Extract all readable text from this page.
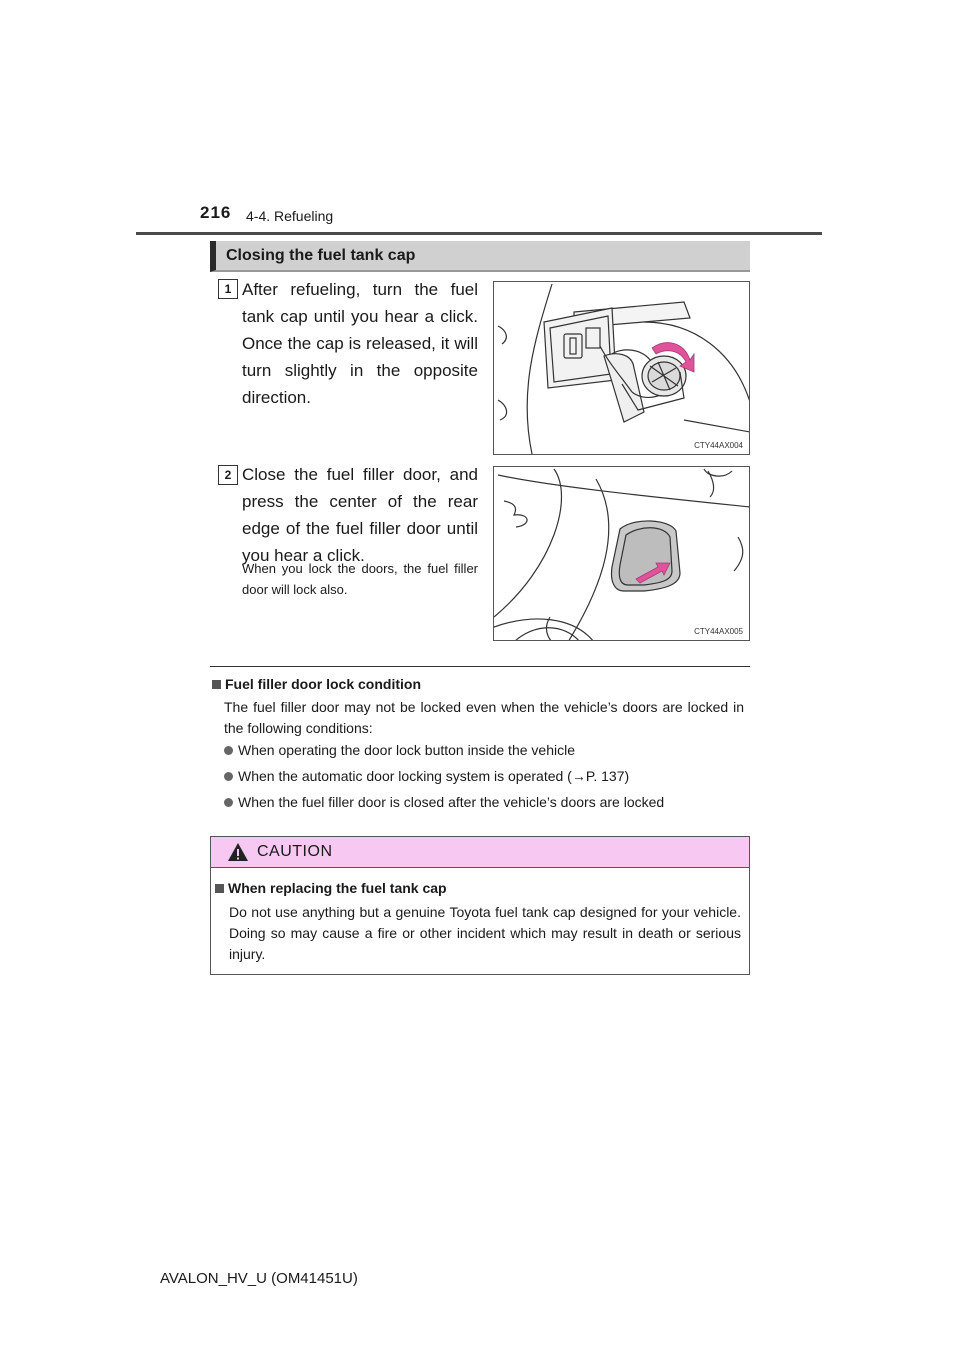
216 4-4. Refueling
Closing the fuel tank cap
1 After refueling, turn the fuel tank cap until you hear a click. Once the cap is released, it will turn slightly in the opposite direction.
CTY44AX004
2 Close the fuel filler door, and press the center of the rear edge of the fuel filler door until you hear a click.
When you lock the doors, the fuel filler door will lock also.
CTY44AX005
Fuel filler door lock condition
The fuel filler door may not be locked even when the vehicle’s doors are locked in the following conditions:
When operating the door lock button inside the vehicle
When the automatic door locking system is operated (→P. 137)
When the fuel filler door is closed after the vehicle’s doors are locked
CAUTION
When replacing the fuel tank cap
Do not use anything but a genuine Toyota fuel tank cap designed for your vehicle. Doing so may cause a fire or other incident which may result in death or serious injury.
AVALON_HV_U (OM41451U)
